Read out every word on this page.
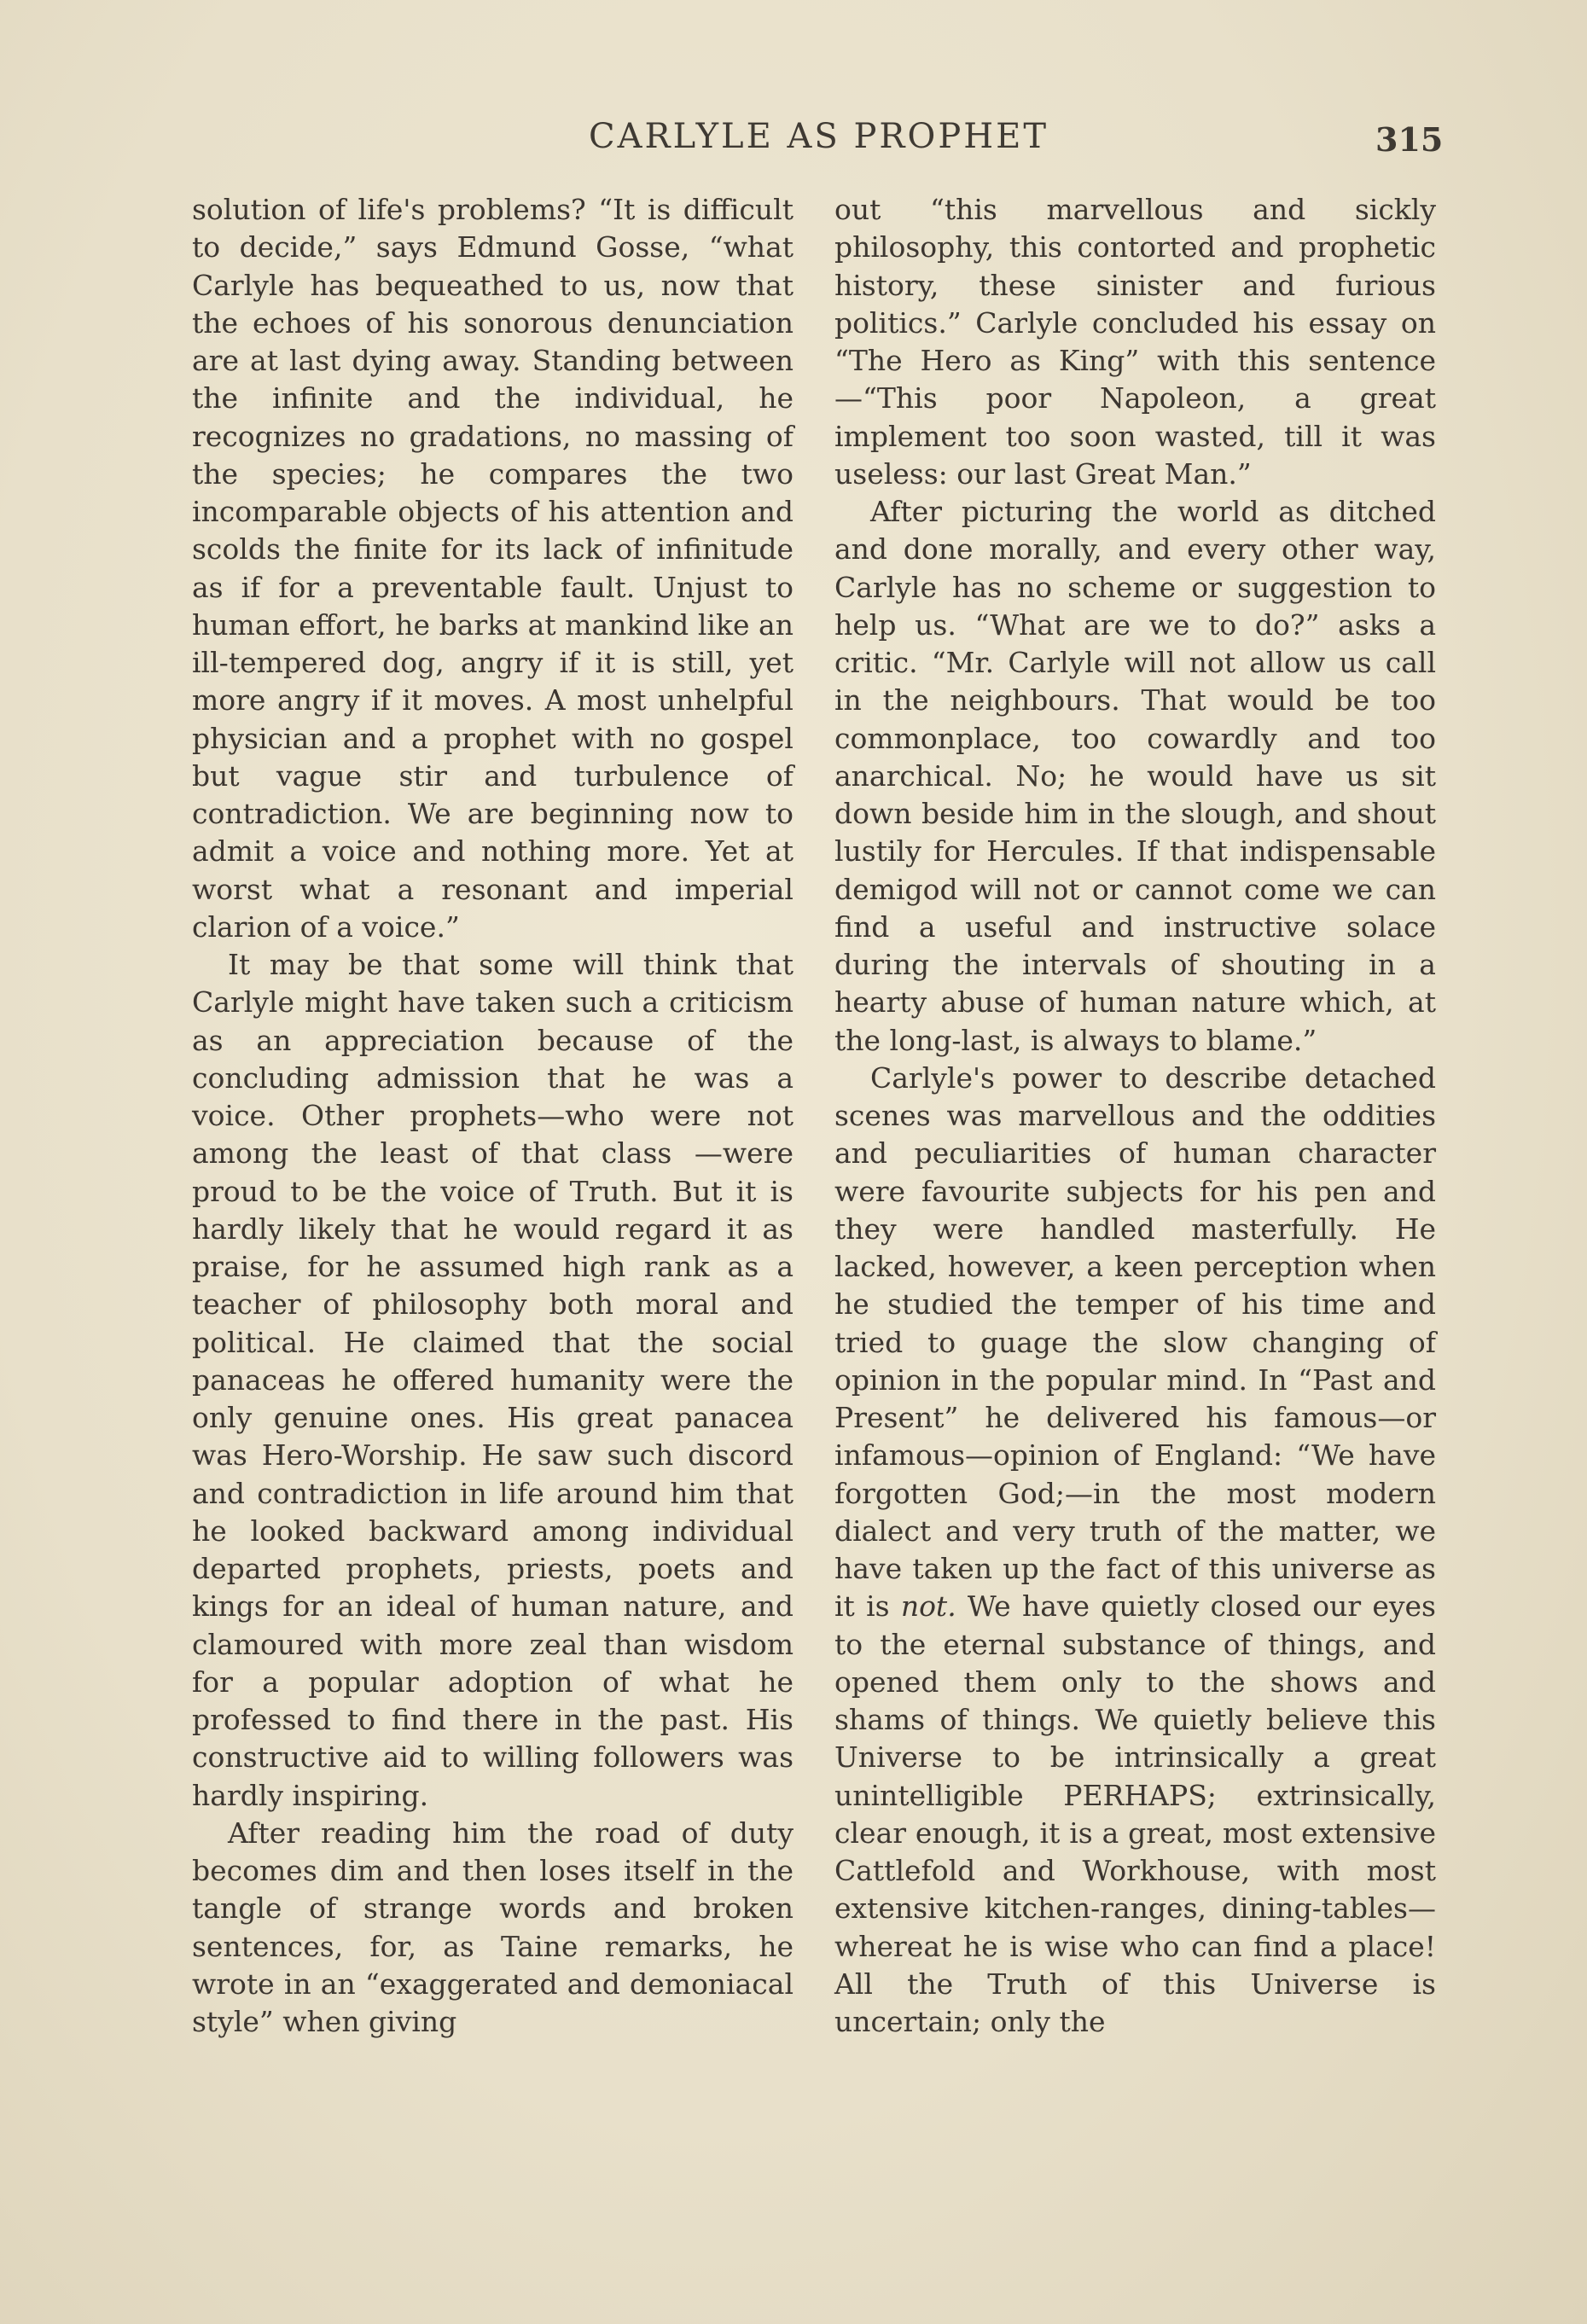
CARLYLE AS PROPHET	315

solution of life's problems? “It is difficult to decide,” says Edmund Gosse, “what Carlyle has bequeathed to us, now that the echoes of his sonorous denunciation are at last dying away. Standing between the infinite and the individual, he recognizes no gradations, no massing of the species; he compares the two incomparable objects of his attention and scolds the finite for its lack of infinitude as if for a preventable fault. Unjust to human effort, he barks at mankind like an ill-tempered dog, angry if it is still, yet more angry if it moves. A most unhelpful physician and a prophet with no gospel but vague stir and turbulence of contradiction. We are beginning now to admit a voice and nothing more. Yet at worst what a resonant and imperial clarion of a voice.”

It may be that some will think that Carlyle might have taken such a criticism as an appreciation because of the concluding admission that he was a voice. Other prophets—who were not among the least of that class —were proud to be the voice of Truth. But it is hardly likely that he would regard it as praise, for he assumed high rank as a teacher of philosophy both moral and political. He claimed that the social panaceas he offered humanity were the only genuine ones. His great panacea was Hero-Worship. He saw such discord and contradiction in life around him that he looked backward among individual departed prophets, priests, poets and kings for an ideal of human nature, and clamoured with more zeal than wisdom for a popular adoption of what he professed to find there in the past. His constructive aid to willing followers was hardly inspiring.

After reading him the road of duty becomes dim and then loses itself in the tangle of strange words and broken sentences, for, as Taine remarks, he wrote in an “exaggerated and demoniacal style” when giving

out “this marvellous and sickly philosophy, this contorted and prophetic history, these sinister and furious politics.” Carlyle concluded his essay on “The Hero as King” with this sentence—“This poor Napoleon, a great implement too soon wasted, till it was useless: our last Great Man.”

After picturing the world as ditched and done morally, and every other way, Carlyle has no scheme or suggestion to help us. “What are we to do?” asks a critic. “Mr. Carlyle will not allow us call in the neighbours. That would be too commonplace, too cowardly and too anarchical. No; he would have us sit down beside him in the slough, and shout lustily for Hercules. If that indispensable demigod will not or cannot come we can find a useful and instructive solace during the intervals of shouting in a hearty abuse of human nature which, at the long-last, is always to blame.”

Carlyle's power to describe detached scenes was marvellous and the oddities and peculiarities of human character were favourite subjects for his pen and they were handled masterfully. He lacked, however, a keen perception when he studied the temper of his time and tried to guage the slow changing of opinion in the popular mind. In “Past and Present” he delivered his famous—or infamous—opinion of England: “We have forgotten God;—in the most modern dialect and very truth of the matter, we have taken up the fact of this universe as it is not. We have quietly closed our eyes to the eternal substance of things, and opened them only to the shows and shams of things. We quietly believe this Universe to be intrinsically a great unintelligible PERHAPS; extrinsically, clear enough, it is a great, most extensive Cattlefold and Workhouse, with most extensive kitchen-ranges, dining-tables—whereat he is wise who can find a place! All the Truth of this Universe is uncertain; only the
